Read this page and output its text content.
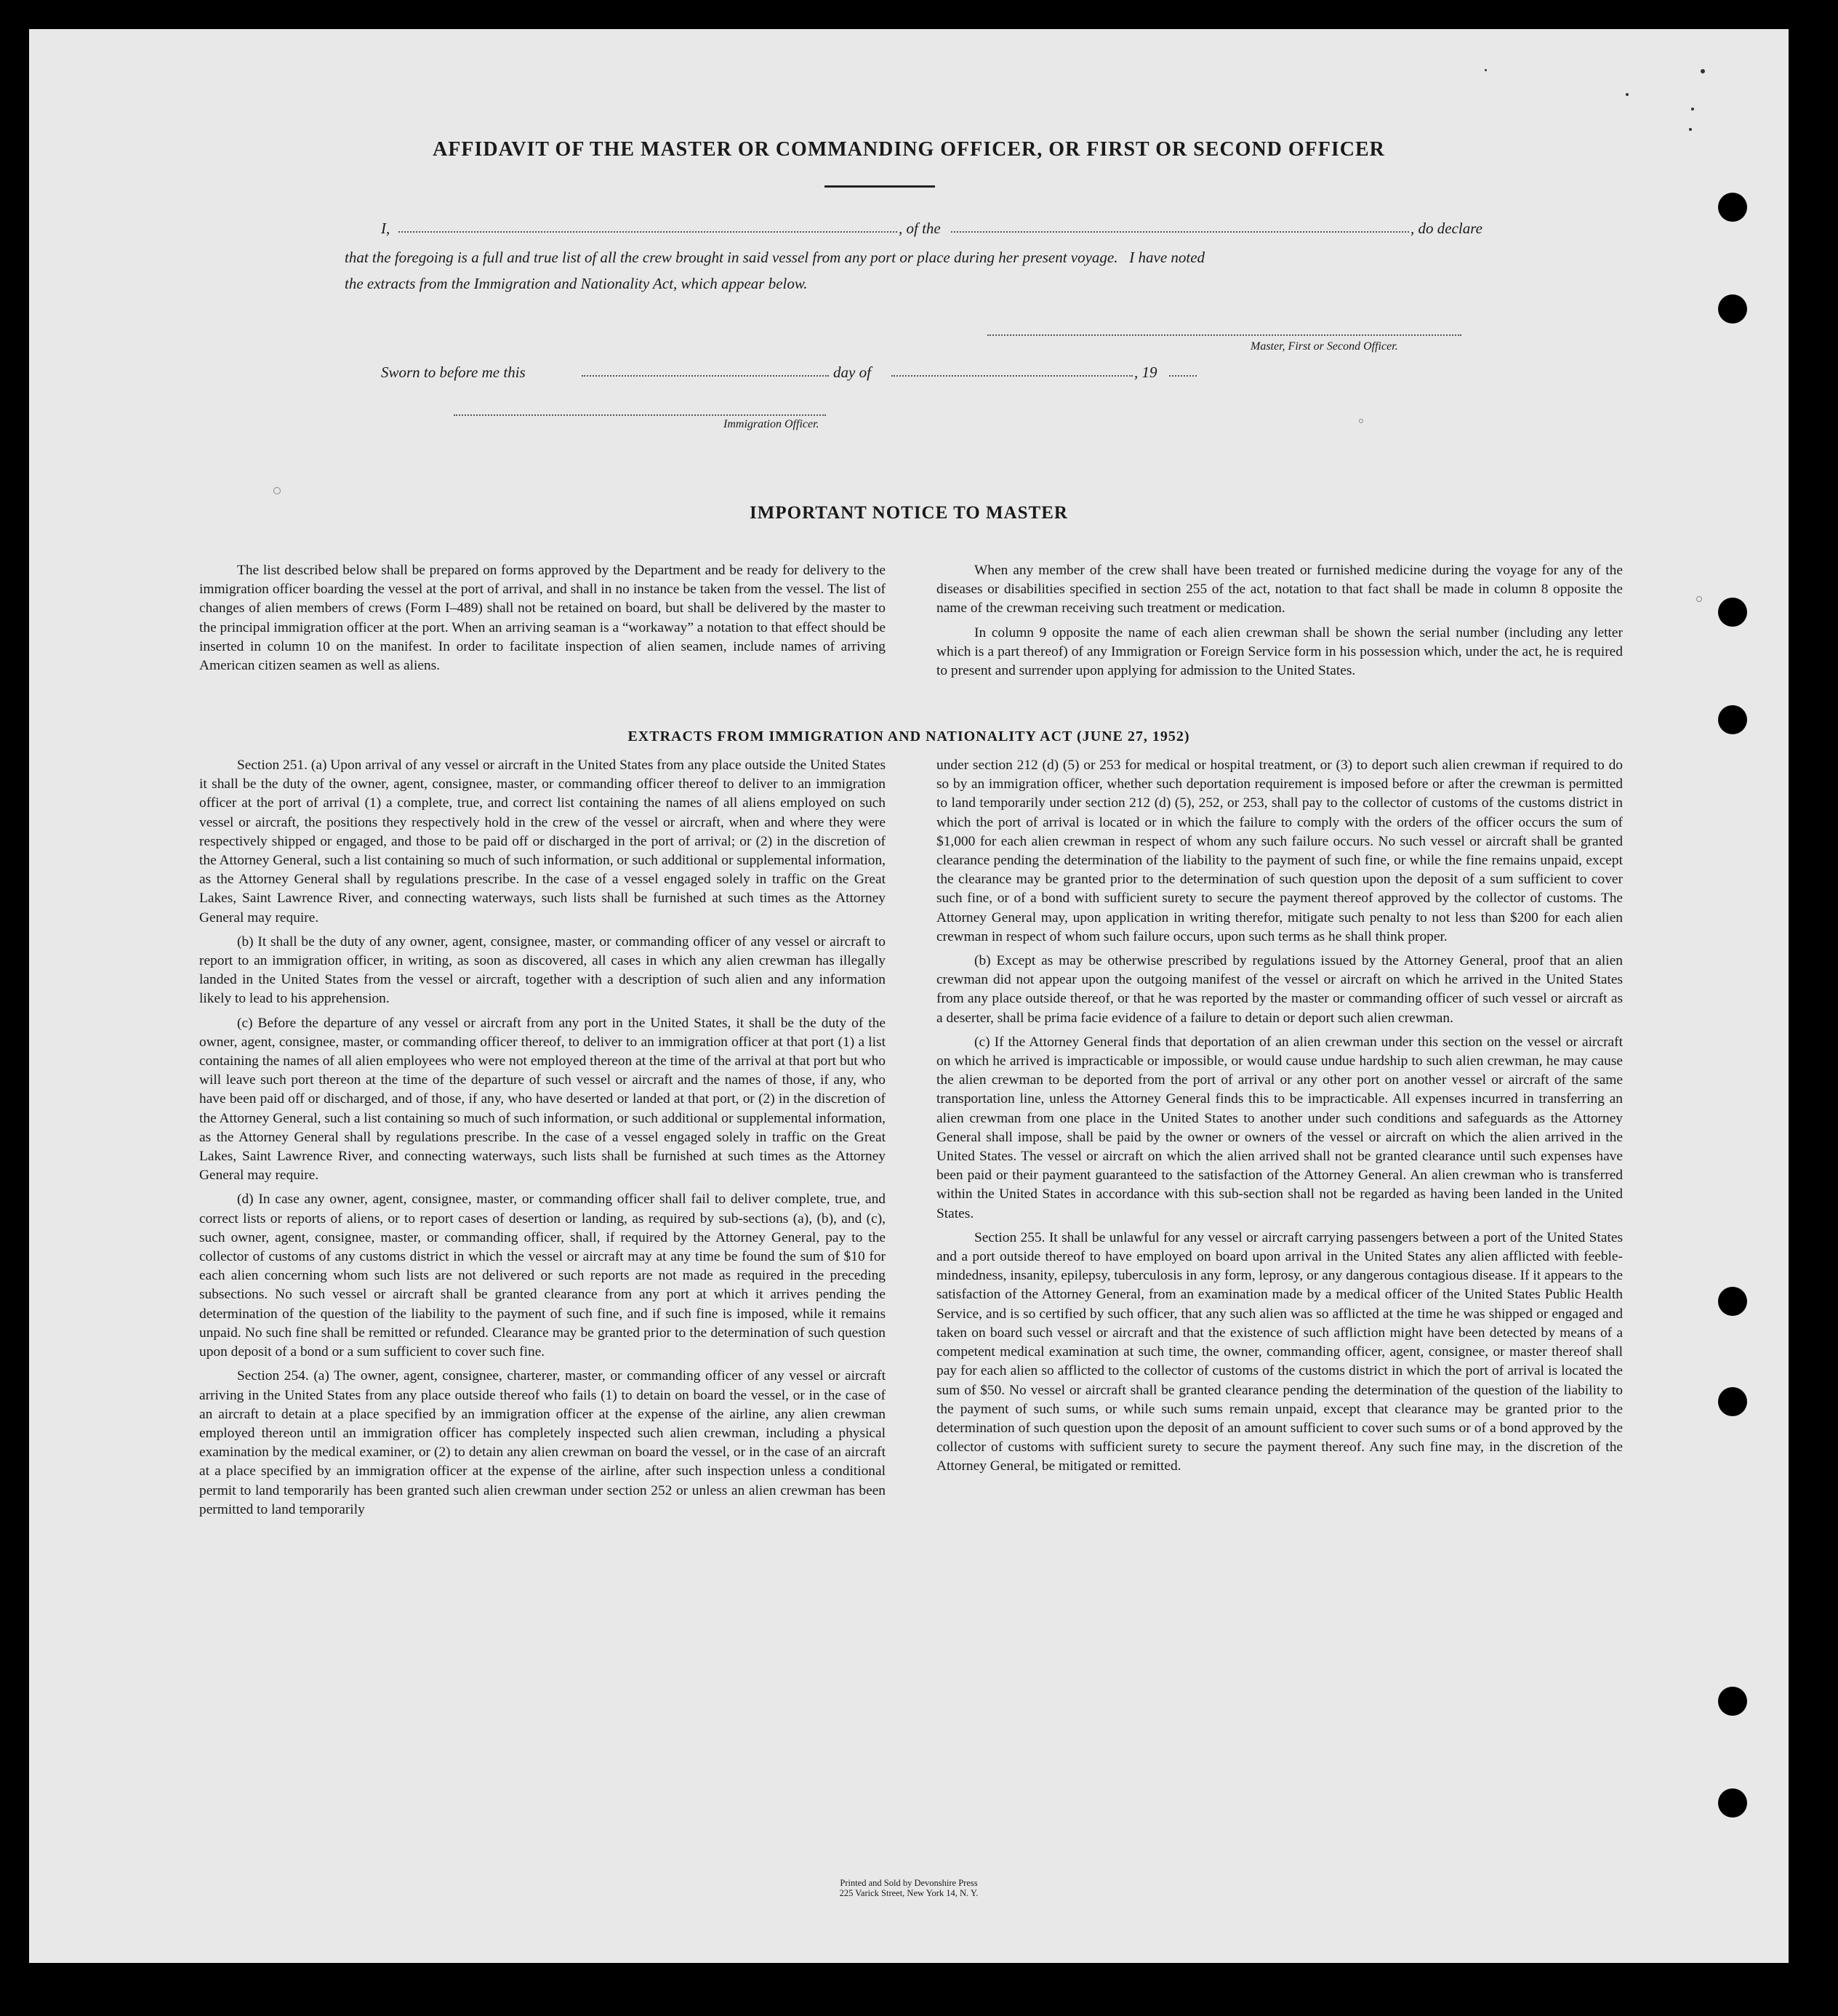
AFFIDAVIT OF THE MASTER OR COMMANDING OFFICER, OR FIRST OR SECOND OFFICER
I,	, of the	, do declare
that the foregoing is a full and true list of all the crew brought in said vessel from any port or place during her present voyage.   I have noted
the extracts from the Immigration and Nationality Act, which appear below.
Master, First or Second Officer.
Sworn to before me this	day of	, 19
Immigration Officer.
IMPORTANT NOTICE TO MASTER

The list described below shall be prepared on forms approved by the Department and be ready for delivery to the immigration officer boarding the vessel at the port of arrival, and shall in no instance be taken from the vessel. The list of changes of alien members of crews (Form I–489) shall not be retained on board, but shall be delivered by the master to the principal immigration officer at the port. When an arriving seaman is a “workaway” a notation to that effect should be inserted in column 10 on the manifest. In order to facilitate inspection of alien seamen, include names of arriving American citizen seamen as well as aliens.

When any member of the crew shall have been treated or furnished medicine during the voyage for any of the diseases or disabilities specified in section 255 of the act, notation to that fact shall be made in column 8 opposite the name of the crewman receiving such treatment or medication.

In column 9 opposite the name of each alien crewman shall be shown the serial number (including any letter which is a part thereof) of any Immigration or Foreign Service form in his possession which, under the act, he is required to present and surrender upon applying for admission to the United States.

EXTRACTS FROM IMMIGRATION AND NATIONALITY ACT (JUNE 27, 1952)

Section 251. (a) Upon arrival of any vessel or aircraft in the United States from any place outside the United States it shall be the duty of the owner, agent, consignee, master, or commanding officer thereof to deliver to an immigration officer at the port of arrival (1) a complete, true, and correct list containing the names of all aliens employed on such vessel or aircraft, the positions they respectively hold in the crew of the vessel or aircraft, when and where they were respectively shipped or engaged, and those to be paid off or discharged in the port of arrival; or (2) in the discretion of the Attorney General, such a list containing so much of such information, or such additional or supplemental information, as the Attorney General shall by regulations prescribe. In the case of a vessel engaged solely in traffic on the Great Lakes, Saint Lawrence River, and connecting waterways, such lists shall be furnished at such times as the Attorney General may require.

(b) It shall be the duty of any owner, agent, consignee, master, or commanding officer of any vessel or aircraft to report to an immigration officer, in writing, as soon as discovered, all cases in which any alien crewman has illegally landed in the United States from the vessel or aircraft, together with a description of such alien and any information likely to lead to his apprehension.

(c) Before the departure of any vessel or aircraft from any port in the United States, it shall be the duty of the owner, agent, consignee, master, or commanding officer thereof, to deliver to an immigration officer at that port (1) a list containing the names of all alien employees who were not employed thereon at the time of the arrival at that port but who will leave such port thereon at the time of the departure of such vessel or aircraft and the names of those, if any, who have been paid off or discharged, and of those, if any, who have deserted or landed at that port, or (2) in the discretion of the Attorney General, such a list containing so much of such information, or such additional or supplemental information, as the Attorney General shall by regulations prescribe. In the case of a vessel engaged solely in traffic on the Great Lakes, Saint Lawrence River, and connecting waterways, such lists shall be furnished at such times as the Attorney General may require.

(d) In case any owner, agent, consignee, master, or commanding officer shall fail to deliver complete, true, and correct lists or reports of aliens, or to report cases of desertion or landing, as required by sub-sections (a), (b), and (c), such owner, agent, consignee, master, or commanding officer, shall, if required by the Attorney General, pay to the collector of customs of any customs district in which the vessel or aircraft may at any time be found the sum of $10 for each alien concerning whom such lists are not delivered or such reports are not made as required in the preceding subsections. No such vessel or aircraft shall be granted clearance from any port at which it arrives pending the determination of the question of the liability to the payment of such fine, and if such fine is imposed, while it remains unpaid. No such fine shall be remitted or refunded. Clearance may be granted prior to the determination of such question upon deposit of a bond or a sum sufficient to cover such fine.

Section 254. (a) The owner, agent, consignee, charterer, master, or commanding officer of any vessel or aircraft arriving in the United States from any place outside thereof who fails (1) to detain on board the vessel, or in the case of an aircraft to detain at a place specified by an immigration officer at the expense of the airline, any alien crewman employed thereon until an immigration officer has completely inspected such alien crewman, including a physical examination by the medical examiner, or (2) to detain any alien crewman on board the vessel, or in the case of an aircraft at a place specified by an immigration officer at the expense of the airline, after such inspection unless a conditional permit to land temporarily has been granted such alien crewman under section 252 or unless an alien crewman has been permitted to land temporarily

under section 212 (d) (5) or 253 for medical or hospital treatment, or (3) to deport such alien crewman if required to do so by an immigration officer, whether such deportation requirement is imposed before or after the crewman is permitted to land temporarily under section 212 (d) (5), 252, or 253, shall pay to the collector of customs of the customs district in which the port of arrival is located or in which the failure to comply with the orders of the officer occurs the sum of $1,000 for each alien crewman in respect of whom any such failure occurs. No such vessel or aircraft shall be granted clearance pending the determination of the liability to the payment of such fine, or while the fine remains unpaid, except the clearance may be granted prior to the determination of such question upon the deposit of a sum sufficient to cover such fine, or of a bond with sufficient surety to secure the payment thereof approved by the collector of customs. The Attorney General may, upon application in writing therefor, mitigate such penalty to not less than $200 for each alien crewman in respect of whom such failure occurs, upon such terms as he shall think proper.

(b) Except as may be otherwise prescribed by regulations issued by the Attorney General, proof that an alien crewman did not appear upon the outgoing manifest of the vessel or aircraft on which he arrived in the United States from any place outside thereof, or that he was reported by the master or commanding officer of such vessel or aircraft as a deserter, shall be prima facie evidence of a failure to detain or deport such alien crewman.

(c) If the Attorney General finds that deportation of an alien crewman under this section on the vessel or aircraft on which he arrived is impracticable or impossible, or would cause undue hardship to such alien crewman, he may cause the alien crewman to be deported from the port of arrival or any other port on another vessel or aircraft of the same transportation line, unless the Attorney General finds this to be impracticable. All expenses incurred in transferring an alien crewman from one place in the United States to another under such conditions and safeguards as the Attorney General shall impose, shall be paid by the owner or owners of the vessel or aircraft on which the alien arrived in the United States. The vessel or aircraft on which the alien arrived shall not be granted clearance until such expenses have been paid or their payment guaranteed to the satisfaction of the Attorney General. An alien crewman who is transferred within the United States in accordance with this sub-section shall not be regarded as having been landed in the United States.

Section 255. It shall be unlawful for any vessel or aircraft carrying passengers between a port of the United States and a port outside thereof to have employed on board upon arrival in the United States any alien afflicted with feeble-mindedness, insanity, epilepsy, tuberculosis in any form, leprosy, or any dangerous contagious disease. If it appears to the satisfaction of the Attorney General, from an examination made by a medical officer of the United States Public Health Service, and is so certified by such officer, that any such alien was so afflicted at the time he was shipped or engaged and taken on board such vessel or aircraft and that the existence of such affliction might have been detected by means of a competent medical examination at such time, the owner, commanding officer, agent, consignee, or master thereof shall pay for each alien so afflicted to the collector of customs of the customs district in which the port of arrival is located the sum of $50. No vessel or aircraft shall be granted clearance pending the determination of the question of the liability to the payment of such sums, or while such sums remain unpaid, except that clearance may be granted prior to the determination of such question upon the deposit of an amount sufficient to cover such sums or of a bond approved by the collector of customs with sufficient surety to secure the payment thereof. Any such fine may, in the discretion of the Attorney General, be mitigated or remitted.

Printed and Sold by Devonshire Press
225 Varick Street, New York 14, N. Y.
